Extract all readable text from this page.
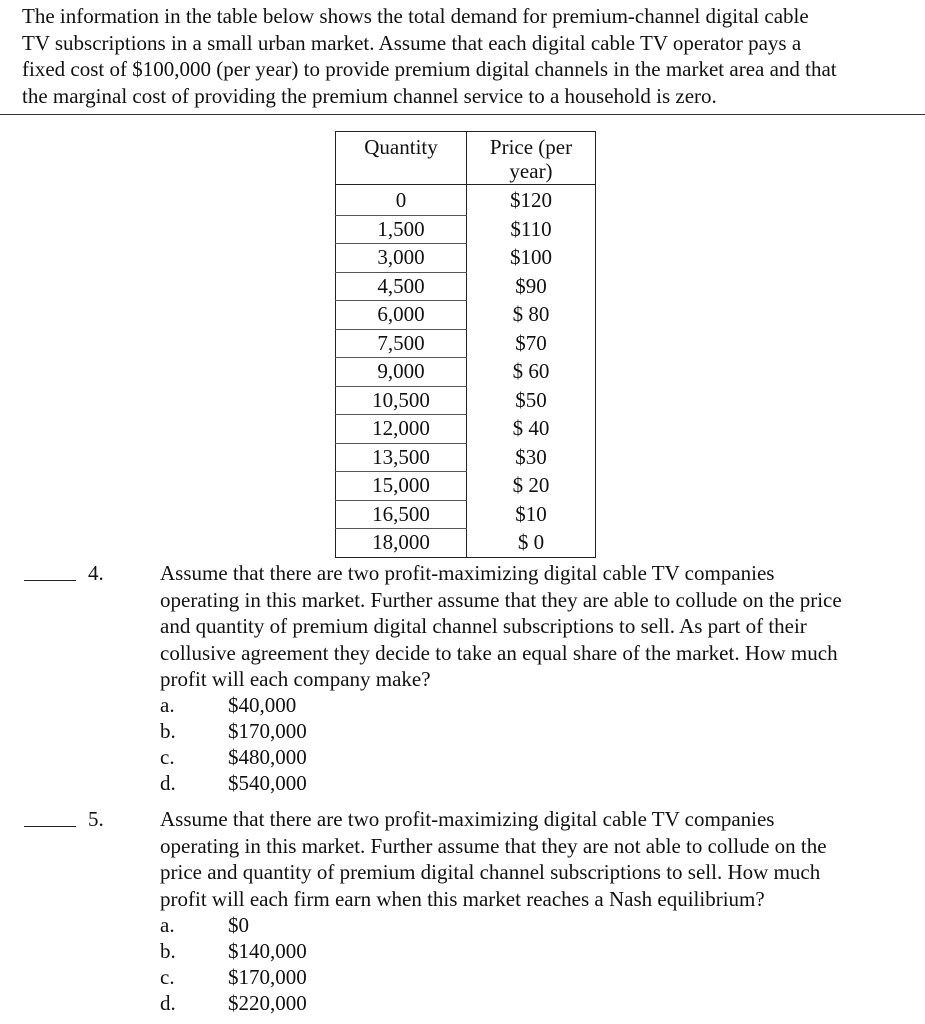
The information in the table below shows the total demand for premium-channel digital cable
TV subscriptions in a small urban market. Assume that each digital cable TV operator pays a
fixed cost of $100,000 (per year) to provide premium digital channels in the market area and that
the marginal cost of providing the premium channel service to a household is zero.

Quantity	Price (per
year)
0	$120
1,500	$110
3,000	$100
4,500	$90
6,000	$ 80
7,500	$70
9,000	$ 60
10,500	$50
12,000	$ 40
13,500	$30
15,000	$ 20
16,500	$10
18,000	$ 0
4.	Assume that there are two profit-maximizing digital cable TV companies
operating in this market. Further assume that they are able to collude on the price
and quantity of premium digital channel subscriptions to sell. As part of their
collusive agreement they decide to take an equal share of the market. How much
profit will each company make?
a.	$40,000
b. $170,000
c.	$480,000
d. $540,000
5.	Assume that there are two profit-maximizing digital cable TV companies
operating in this market. Further assume that they are not able to collude on the
price and quantity of premium digital channel subscriptions to sell. How much
profit will each firm earn when this market reaches a Nash equilibrium?
a.	$0
b. $140,000
c.	$170,000
d. $220,000
